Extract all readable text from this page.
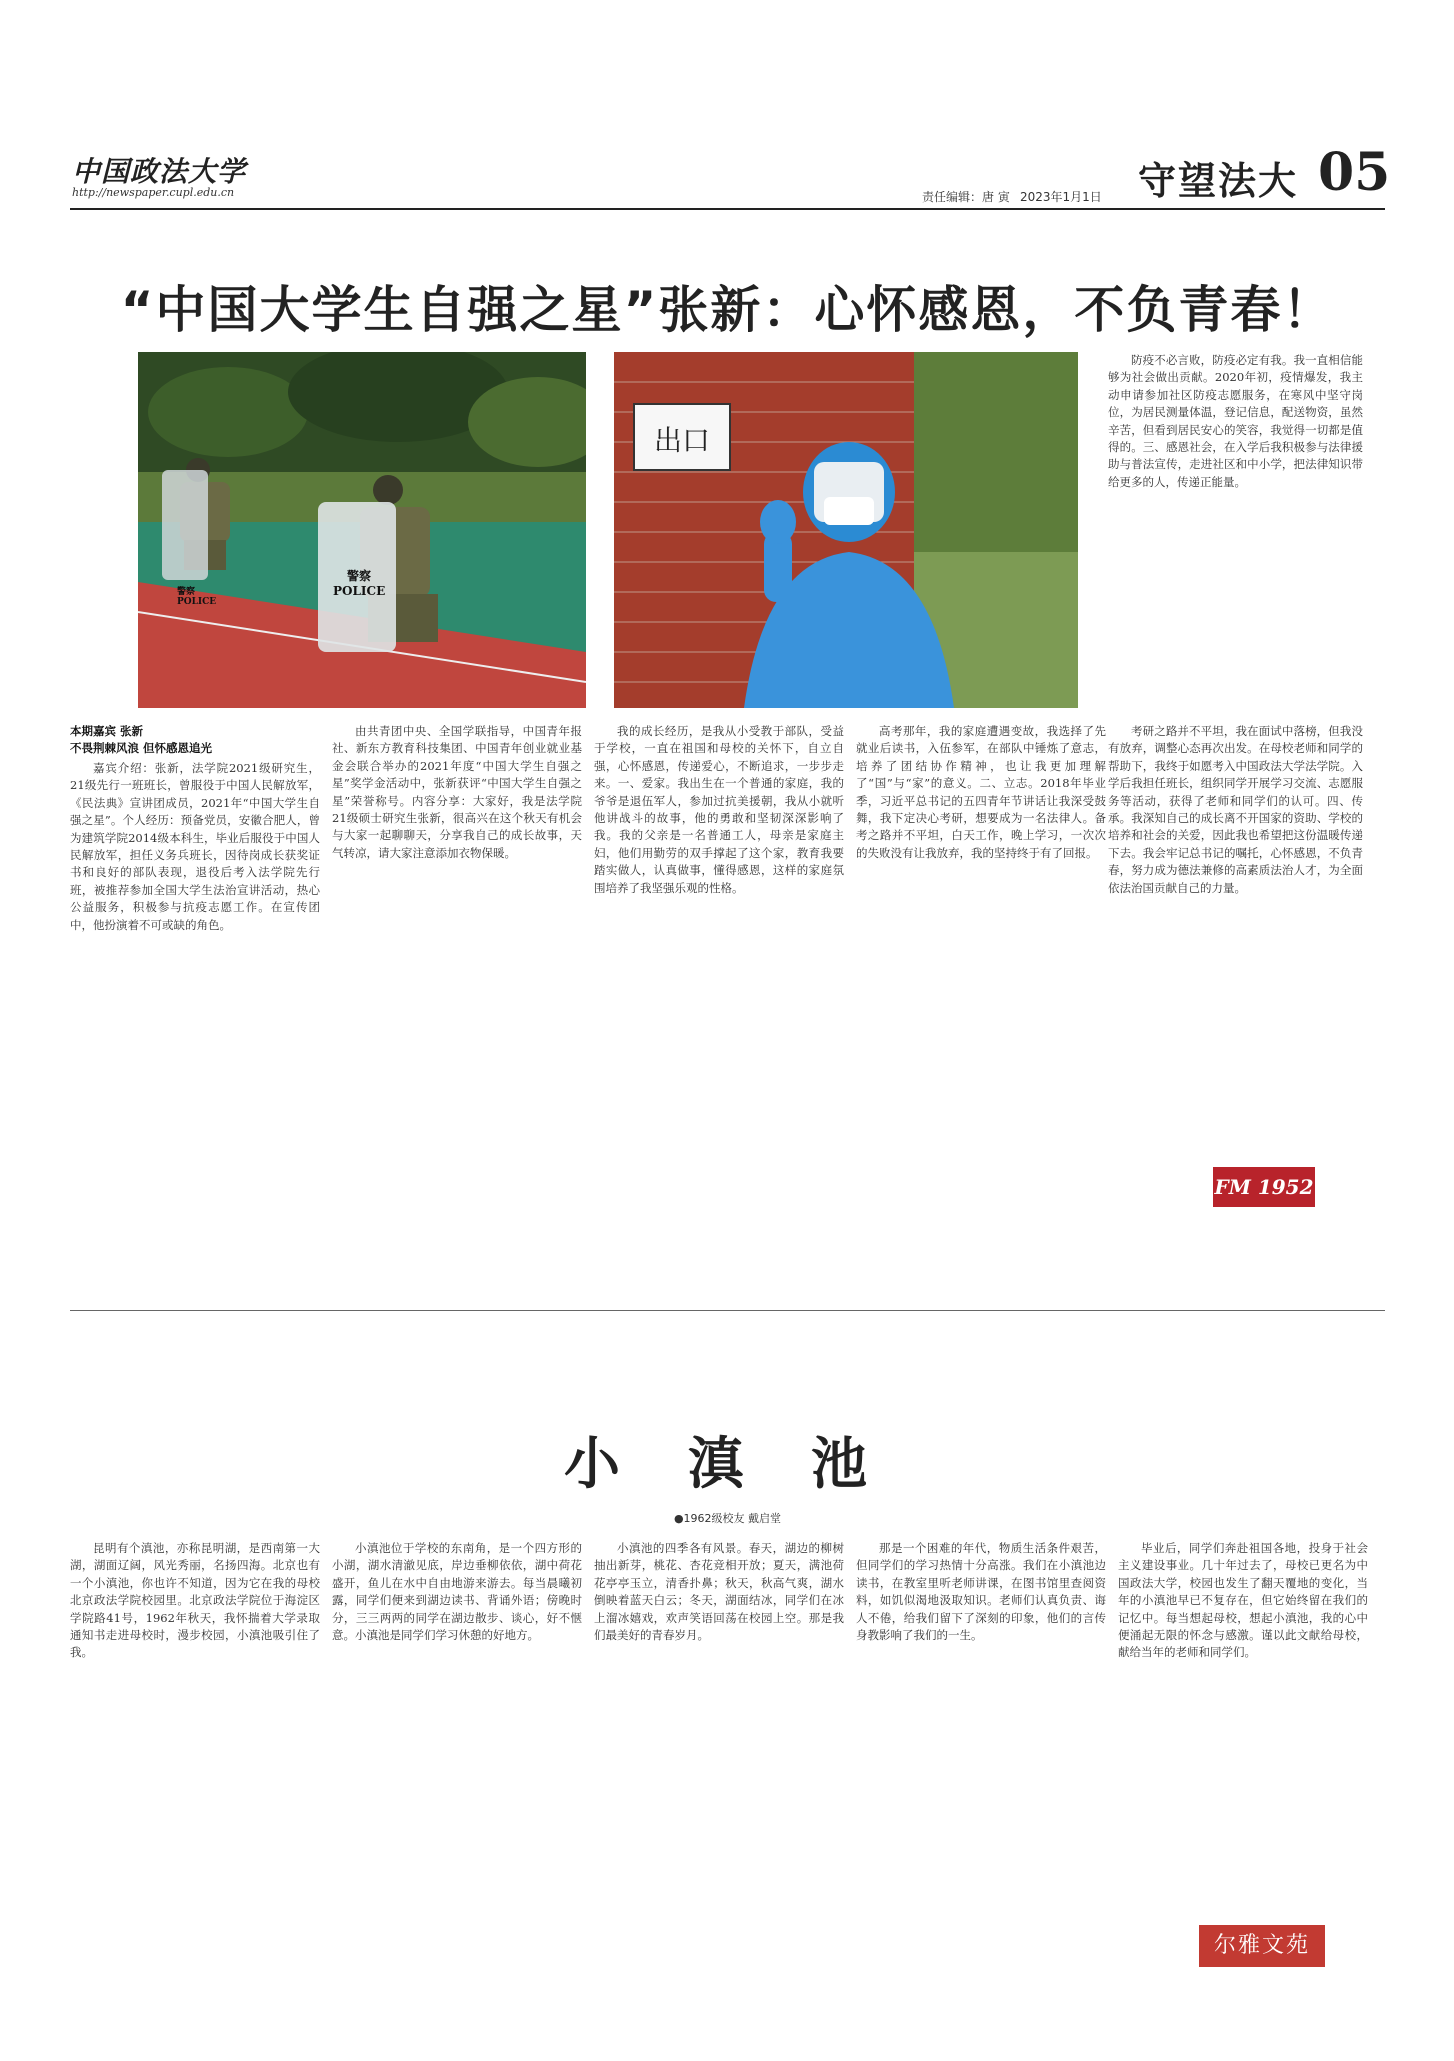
中国政法大学
http://newspaper.cupl.edu.cn	责任编辑：唐 寅 2023年1月1日 守望法大 05
“中国大学生自强之星”张新：心怀感恩，不负青春！
警察 POLICE
警察 POLICE
出口
本期嘉宾 张新
不畏荆棘风浪 但怀感恩追光

嘉宾介绍：张新，法学院2021级研究生，21级先行一班班长，曾服役于中国人民解放军，《民法典》宣讲团成员，2021年“中国大学生自强之星”。个人经历：预备党员，安徽合肥人，曾为建筑学院2014级本科生，毕业后服役于中国人民解放军，担任义务兵班长，因待岗成长获奖证书和良好的部队表现，退役后考入法学院先行班，被推荐参加全国大学生法治宣讲活动，热心公益服务，积极参与抗疫志愿工作。在宣传团中，他扮演着不可或缺的角色。

由共青团中央、全国学联指导，中国青年报社、新东方教育科技集团、中国青年创业就业基金会联合举办的2021年度“中国大学生自强之星”奖学金活动中，张新获评“中国大学生自强之星”荣誉称号。内容分享：大家好，我是法学院21级硕士研究生张新，很高兴在这个秋天有机会与大家一起聊聊天，分享我自己的成长故事，天气转凉，请大家注意添加衣物保暖。

我的成长经历，是我从小受教于部队，受益于学校，一直在祖国和母校的关怀下，自立自强，心怀感恩，传递爱心，不断追求，一步步走来。一、爱家。我出生在一个普通的家庭，我的爷爷是退伍军人，参加过抗美援朝，我从小就听他讲战斗的故事，他的勇敢和坚韧深深影响了我。我的父亲是一名普通工人，母亲是家庭主妇，他们用勤劳的双手撑起了这个家，教育我要踏实做人，认真做事，懂得感恩，这样的家庭氛围培养了我坚强乐观的性格。

高考那年，我的家庭遭遇变故，我选择了先就业后读书，入伍参军，在部队中锤炼了意志，培养了团结协作精神，也让我更加理解了“国”与“家”的意义。二、立志。2018年毕业季，习近平总书记的五四青年节讲话让我深受鼓舞，我下定决心考研，想要成为一名法律人。备考之路并不平坦，白天工作，晚上学习，一次次的失败没有让我放弃，我的坚持终于有了回报。

防疫不必言败，防疫必定有我。我一直相信能够为社会做出贡献。2020年初，疫情爆发，我主动申请参加社区防疫志愿服务，在寒风中坚守岗位，为居民测量体温，登记信息，配送物资，虽然辛苦，但看到居民安心的笑容，我觉得一切都是值得的。三、感恩社会，在入学后我积极参与法律援助与普法宣传，走进社区和中小学，把法律知识带给更多的人，传递正能量。

考研之路并不平坦，我在面试中落榜，但我没有放弃，调整心态再次出发。在母校老师和同学的帮助下，我终于如愿考入中国政法大学法学院。入学后我担任班长，组织同学开展学习交流、志愿服务等活动，获得了老师和同学们的认可。四、传承。我深知自己的成长离不开国家的资助、学校的培养和社会的关爱，因此我也希望把这份温暖传递下去。我会牢记总书记的嘱托，心怀感恩，不负青春，努力成为德法兼修的高素质法治人才，为全面依法治国贡献自己的力量。

FM 1952
小 滇 池
●1962级校友 戴启堂

昆明有个滇池，亦称昆明湖，是西南第一大湖，湖面辽阔，风光秀丽，名扬四海。北京也有一个小滇池，你也许不知道，因为它在我的母校北京政法学院校园里。北京政法学院位于海淀区学院路41号，1962年秋天，我怀揣着大学录取通知书走进母校时，漫步校园，小滇池吸引住了我。

小滇池位于学校的东南角，是一个四方形的小湖，湖水清澈见底，岸边垂柳依依，湖中荷花盛开，鱼儿在水中自由地游来游去。每当晨曦初露，同学们便来到湖边读书、背诵外语；傍晚时分，三三两两的同学在湖边散步、谈心，好不惬意。小滇池是同学们学习休憩的好地方。

小滇池的四季各有风景。春天，湖边的柳树抽出新芽，桃花、杏花竞相开放；夏天，满池荷花亭亭玉立，清香扑鼻；秋天，秋高气爽，湖水倒映着蓝天白云；冬天，湖面结冰，同学们在冰上溜冰嬉戏，欢声笑语回荡在校园上空。那是我们最美好的青春岁月。

那是一个困难的年代，物质生活条件艰苦，但同学们的学习热情十分高涨。我们在小滇池边读书，在教室里听老师讲课，在图书馆里查阅资料，如饥似渴地汲取知识。老师们认真负责、诲人不倦，给我们留下了深刻的印象，他们的言传身教影响了我们的一生。

毕业后，同学们奔赴祖国各地，投身于社会主义建设事业。几十年过去了，母校已更名为中国政法大学，校园也发生了翻天覆地的变化，当年的小滇池早已不复存在，但它始终留在我们的记忆中。每当想起母校，想起小滇池，我的心中便涌起无限的怀念与感激。谨以此文献给母校，献给当年的老师和同学们。

尔雅文苑
